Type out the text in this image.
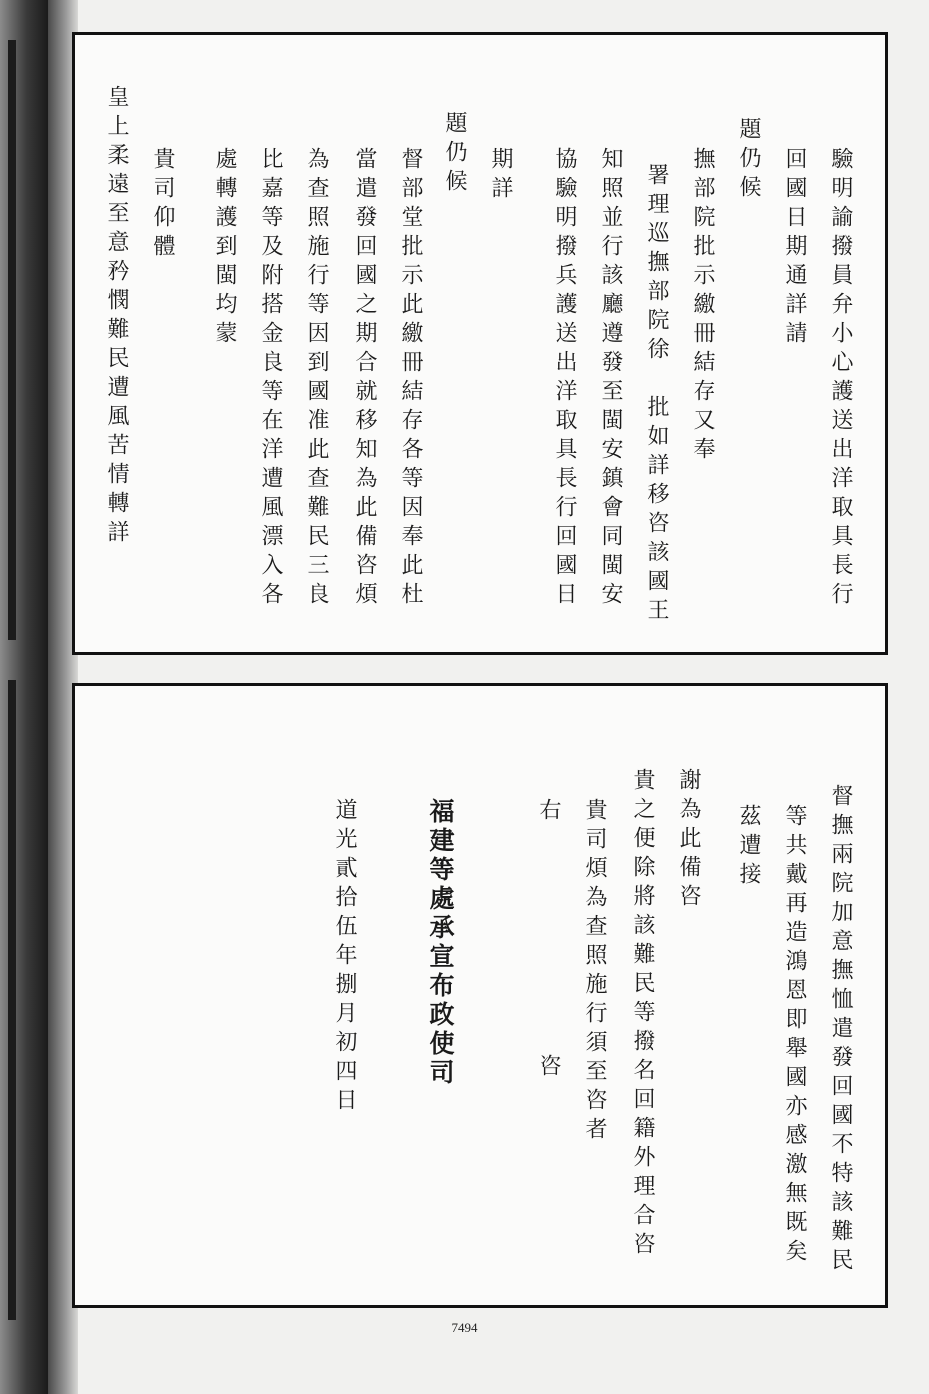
驗明諭撥員弁小心護送出洋取具長行
回國日期通詳請
題仍候
撫部院批示繳冊結存又奉
署理巡撫部院徐　批如詳移咨該國王
知照並行該廳遵發至閩安鎮會同閩安
協驗明撥兵護送出洋取具長行回國日
期詳
題仍候
督部堂批示此繳冊結存各等因奉此杜
當遣發回國之期合就移知為此備咨煩
為查照施行等因到國准此查難民三良
比嘉等及附搭金良等在洋遭風漂入各
處轉護到閩均蒙
貴司仰體
皇上柔遠至意矜憫難民遭風苦情轉詳
督撫兩院加意撫恤遣發回國不特該難民
等共戴再造鴻恩即舉國亦感激無既矣
茲遭接
謝為此備咨
貴之便除將該難民等撥名回籍外理合咨
貴司煩為查照施行須至咨者
右
咨
福建等處承宣布政使司
道光貳拾伍年捌月初四日
7494
